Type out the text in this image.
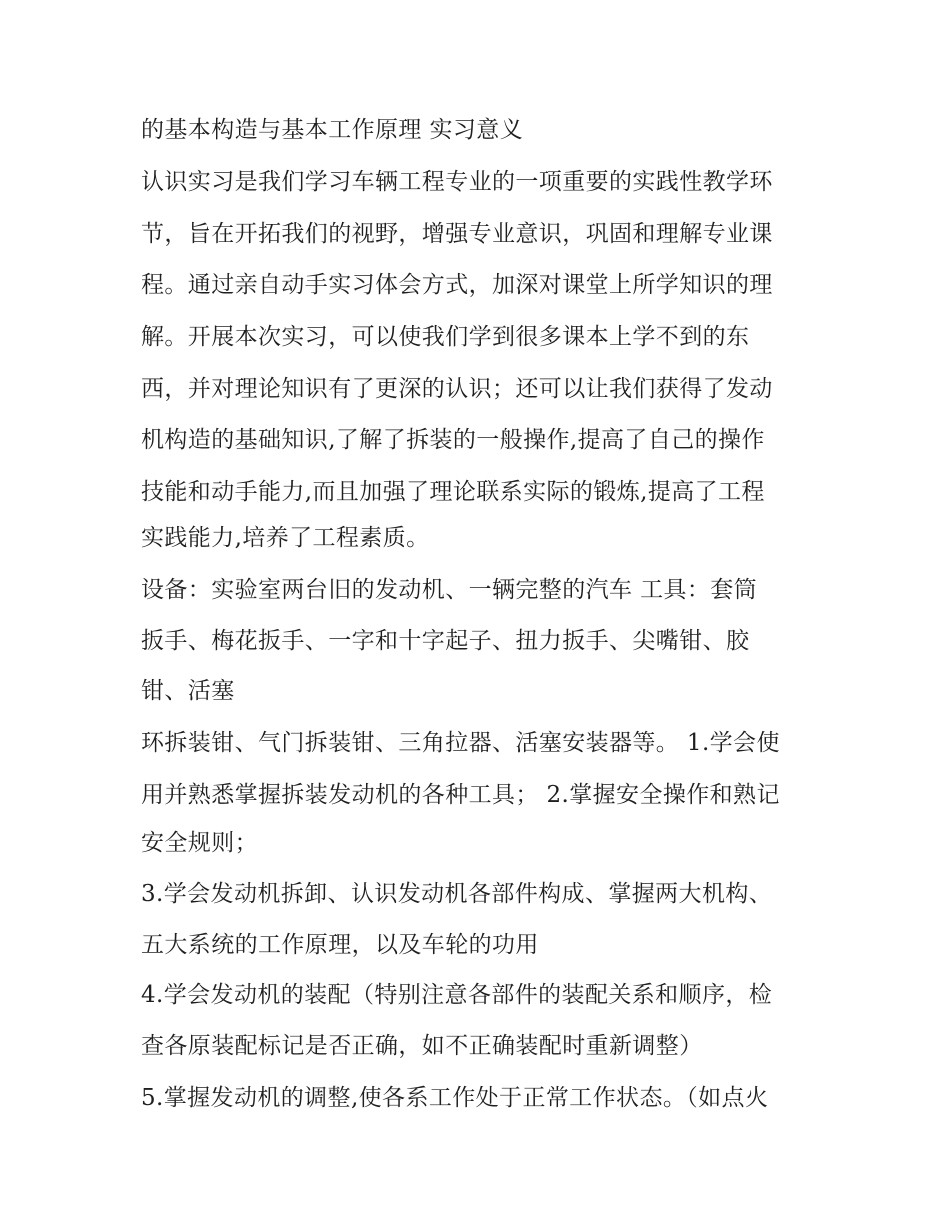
的基本构造与基本工作原理 实习意义
认识实习是我们学习车辆工程专业的一项重要的实践性教学环
节，旨在开拓我们的视野，增强专业意识，巩固和理解专业课
程。通过亲自动手实习体会方式，加深对课堂上所学知识的理
解。开展本次实习，可以使我们学到很多课本上学不到的东
西，并对理论知识有了更深的认识；还可以让我们获得了发动
机构造的基础知识,了解了拆装的一般操作,提高了自己的操作
技能和动手能力,而且加强了理论联系实际的锻炼,提高了工程
实践能力,培养了工程素质。
设备：实验室两台旧的发动机、一辆完整的汽车 工具：套筒
扳手、梅花扳手、一字和十字起子、扭力扳手、尖嘴钳、胶
钳、活塞
环拆装钳、气门拆装钳、三角拉器、活塞安装器等。 1.学会使
用并熟悉掌握拆装发动机的各种工具； 2.掌握安全操作和熟记
安全规则；
3.学会发动机拆卸、认识发动机各部件构成、掌握两大机构、
五大系统的工作原理，以及车轮的功用
4.学会发动机的装配（特别注意各部件的装配关系和顺序，检
查各原装配标记是否正确，如不正确装配时重新调整）
5.掌握发动机的调整,使各系工作处于正常工作状态。（如点火
